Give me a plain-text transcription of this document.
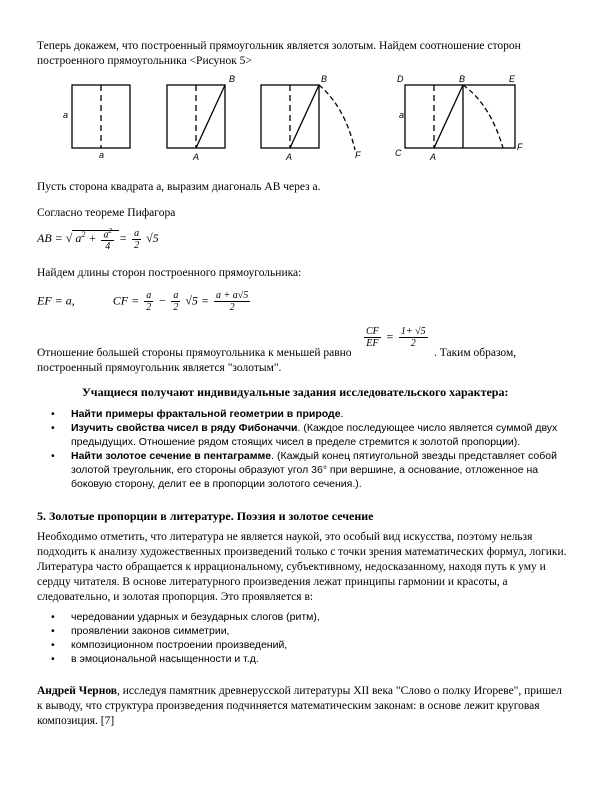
Теперь докажем, что построенный прямоугольник является золотым. Найдем соотношение сторон
построенного прямоугольника <Рисунок 5>
a
a
B
A
B
A	F
D	B	E
a
C	A
F
Пусть сторона квадрата a, выразим диагональ AB через a.
Согласно теореме Пифагора
AB = √ $a^2 + \frac{a^2}{4} = \frac{a}{2} √5$
Найдем длины сторон построенного прямоугольника:
EF = a,	CF = $\frac{a}{2} - \frac{a}{2} √5 = \frac{a + a√5}{2}$
$\frac{CF}{EF} = \frac{1+ √5}{2}$
Отношение большей стороны прямоугольника к меньшей равно	. Таким образом,
построенный прямоугольник является "золотым".
Учащиеся получают индивидуальные задания исследовательского характера:
• Найти примеры фрактальной геометрии в природе.
• Изучить свойства чисел в ряду Фибоначчи. (Каждое последующее число является суммой двух предыдущих. Отношение рядом стоящих чисел в пределе стремится к золотой пропорции).
• Найти золотое сечение в пентаграмме. (Каждый конец пятиугольной звезды представляет собой золотой треугольник, его стороны образуют угол 36° при вершине, а основание, отложенное на боковую сторону, делит ее в пропорции золотого сечения.).
5. Золотые пропорции в литературе. Поэзия и золотое сечение
Необходимо отметить, что литература не является наукой, это особый вид искусства, поэтому нельзя подходить к анализу художественных произведений только с точки зрения математических формул, логики. Литература часто обращается к иррациональному, субъективному, недосказанному, находя путь к уму и сердцу читателя. В основе литературного произведения лежат принципы гармонии и красоты, а следовательно, и золотая пропорция. Это проявляется в:
• чередовании ударных и безударных слогов (ритм),
• проявлении законов симметрии,
• композиционном построении произведений,
• в эмоциональной насыщенности и т.д.
Андрей Чернов, исследуя памятник древнерусской литературы XII века "Слово о полку Игореве", пришел к выводу, что структура произведения подчиняется математическим законам: в основе лежит круговая композиция. [7]
